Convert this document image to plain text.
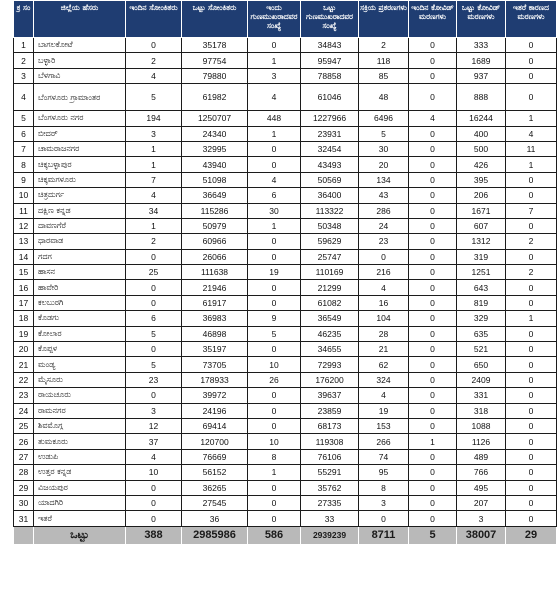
ಕ್ರ ಸಂ	ಜಿಲ್ಲೆಯ ಹೆಸರು	ಇಂದಿನ ಸೋಂಕಿತರು	ಒಟ್ಟು ಸೋಂಕಿತರು	ಇಂದು ಗುಣಮುಖರಾದವರ ಸಂಖ್ಯೆ	ಒಟ್ಟು ಗುಣಮುಖರಾದವರ ಸಂಖ್ಯೆ	ಸಕ್ರಿಯ ಪ್ರಕರಣಗಳು	ಇಂದಿನ ಕೋವಿಡ್ ಮರಣಗಳು	ಒಟ್ಟು ಕೋವಿಡ್ ಮರಣಗಳು	ಇತರೆ ಕಾರಣದ ಮರಣಗಳು

1	ಬಾಗಲಕೋಟೆ	0	35178	0	34843	2	0	333	0
2	ಬಳ್ಳಾರಿ	2	97754	1	95947	118	0	1689	0
3	ಬೆಳಗಾವಿ	4	79880	3	78858	85	0	937	0
4	ಬೆಂಗಳೂರು ಗ್ರಾಮಾಂತರ	5	61982	4	61046	48	0	888	0
5	ಬೆಂಗಳೂರು ನಗರ	194	1250707	448	1227966	6496	4	16244	1
6	ಬೀದರ್	3	24340	1	23931	5	0	400	4
7	ಚಾಮರಾಜನಗರ	1	32995	0	32454	30	0	500	11
8	ಚಿಕ್ಕಬಳ್ಳಾಪುರ	1	43940	0	43493	20	0	426	1
9	ಚಿಕ್ಕಮಗಳೂರು	7	51098	4	50569	134	0	395	0
10	ಚಿತ್ರದುರ್ಗ	4	36649	6	36400	43	0	206	0
11	ದಕ್ಷಿಣ ಕನ್ನಡ	34	115286	30	113322	286	0	1671	7
12	ದಾವಣಗೆರೆ	1	50979	1	50348	24	0	607	0
13	ಧಾರವಾಡ	2	60966	0	59629	23	0	1312	2
14	ಗದಗ	0	26066	0	25747	0	0	319	0
15	ಹಾಸನ	25	111638	19	110169	216	0	1251	2
16	ಹಾವೇರಿ	0	21946	0	21299	4	0	643	0
17	ಕಲಬುರಗಿ	0	61917	0	61082	16	0	819	0
18	ಕೊಡಗು	6	36983	9	36549	104	0	329	1
19	ಕೋಲಾರ	5	46898	5	46235	28	0	635	0
20	ಕೊಪ್ಪಳ	0	35197	0	34655	21	0	521	0
21	ಮಂಡ್ಯ	5	73705	10	72993	62	0	650	0
22	ಮೈಸೂರು	23	178933	26	176200	324	0	2409	0
23	ರಾಯಚೂರು	0	39972	0	39637	4	0	331	0
24	ರಾಮನಗರ	3	24196	0	23859	19	0	318	0
25	ಶಿವಮೊಗ್ಗ	12	69414	0	68173	153	0	1088	0
26	ತುಮಕೂರು	37	120700	10	119308	266	1	1126	0
27	ಉಡುಪಿ	4	76669	8	76106	74	0	489	0
28	ಉತ್ತರ ಕನ್ನಡ	10	56152	1	55291	95	0	766	0
29	ವಿಜಯಪುರ	0	36265	0	35762	8	0	495	0
30	ಯಾದಗಿರಿ	0	27545	0	27335	3	0	207	0
31	ಇತರೆ	0	36	0	33	0	0	3	0
	ಒಟ್ಟು	388	2985986	586	2939239	8711	5	38007	29
